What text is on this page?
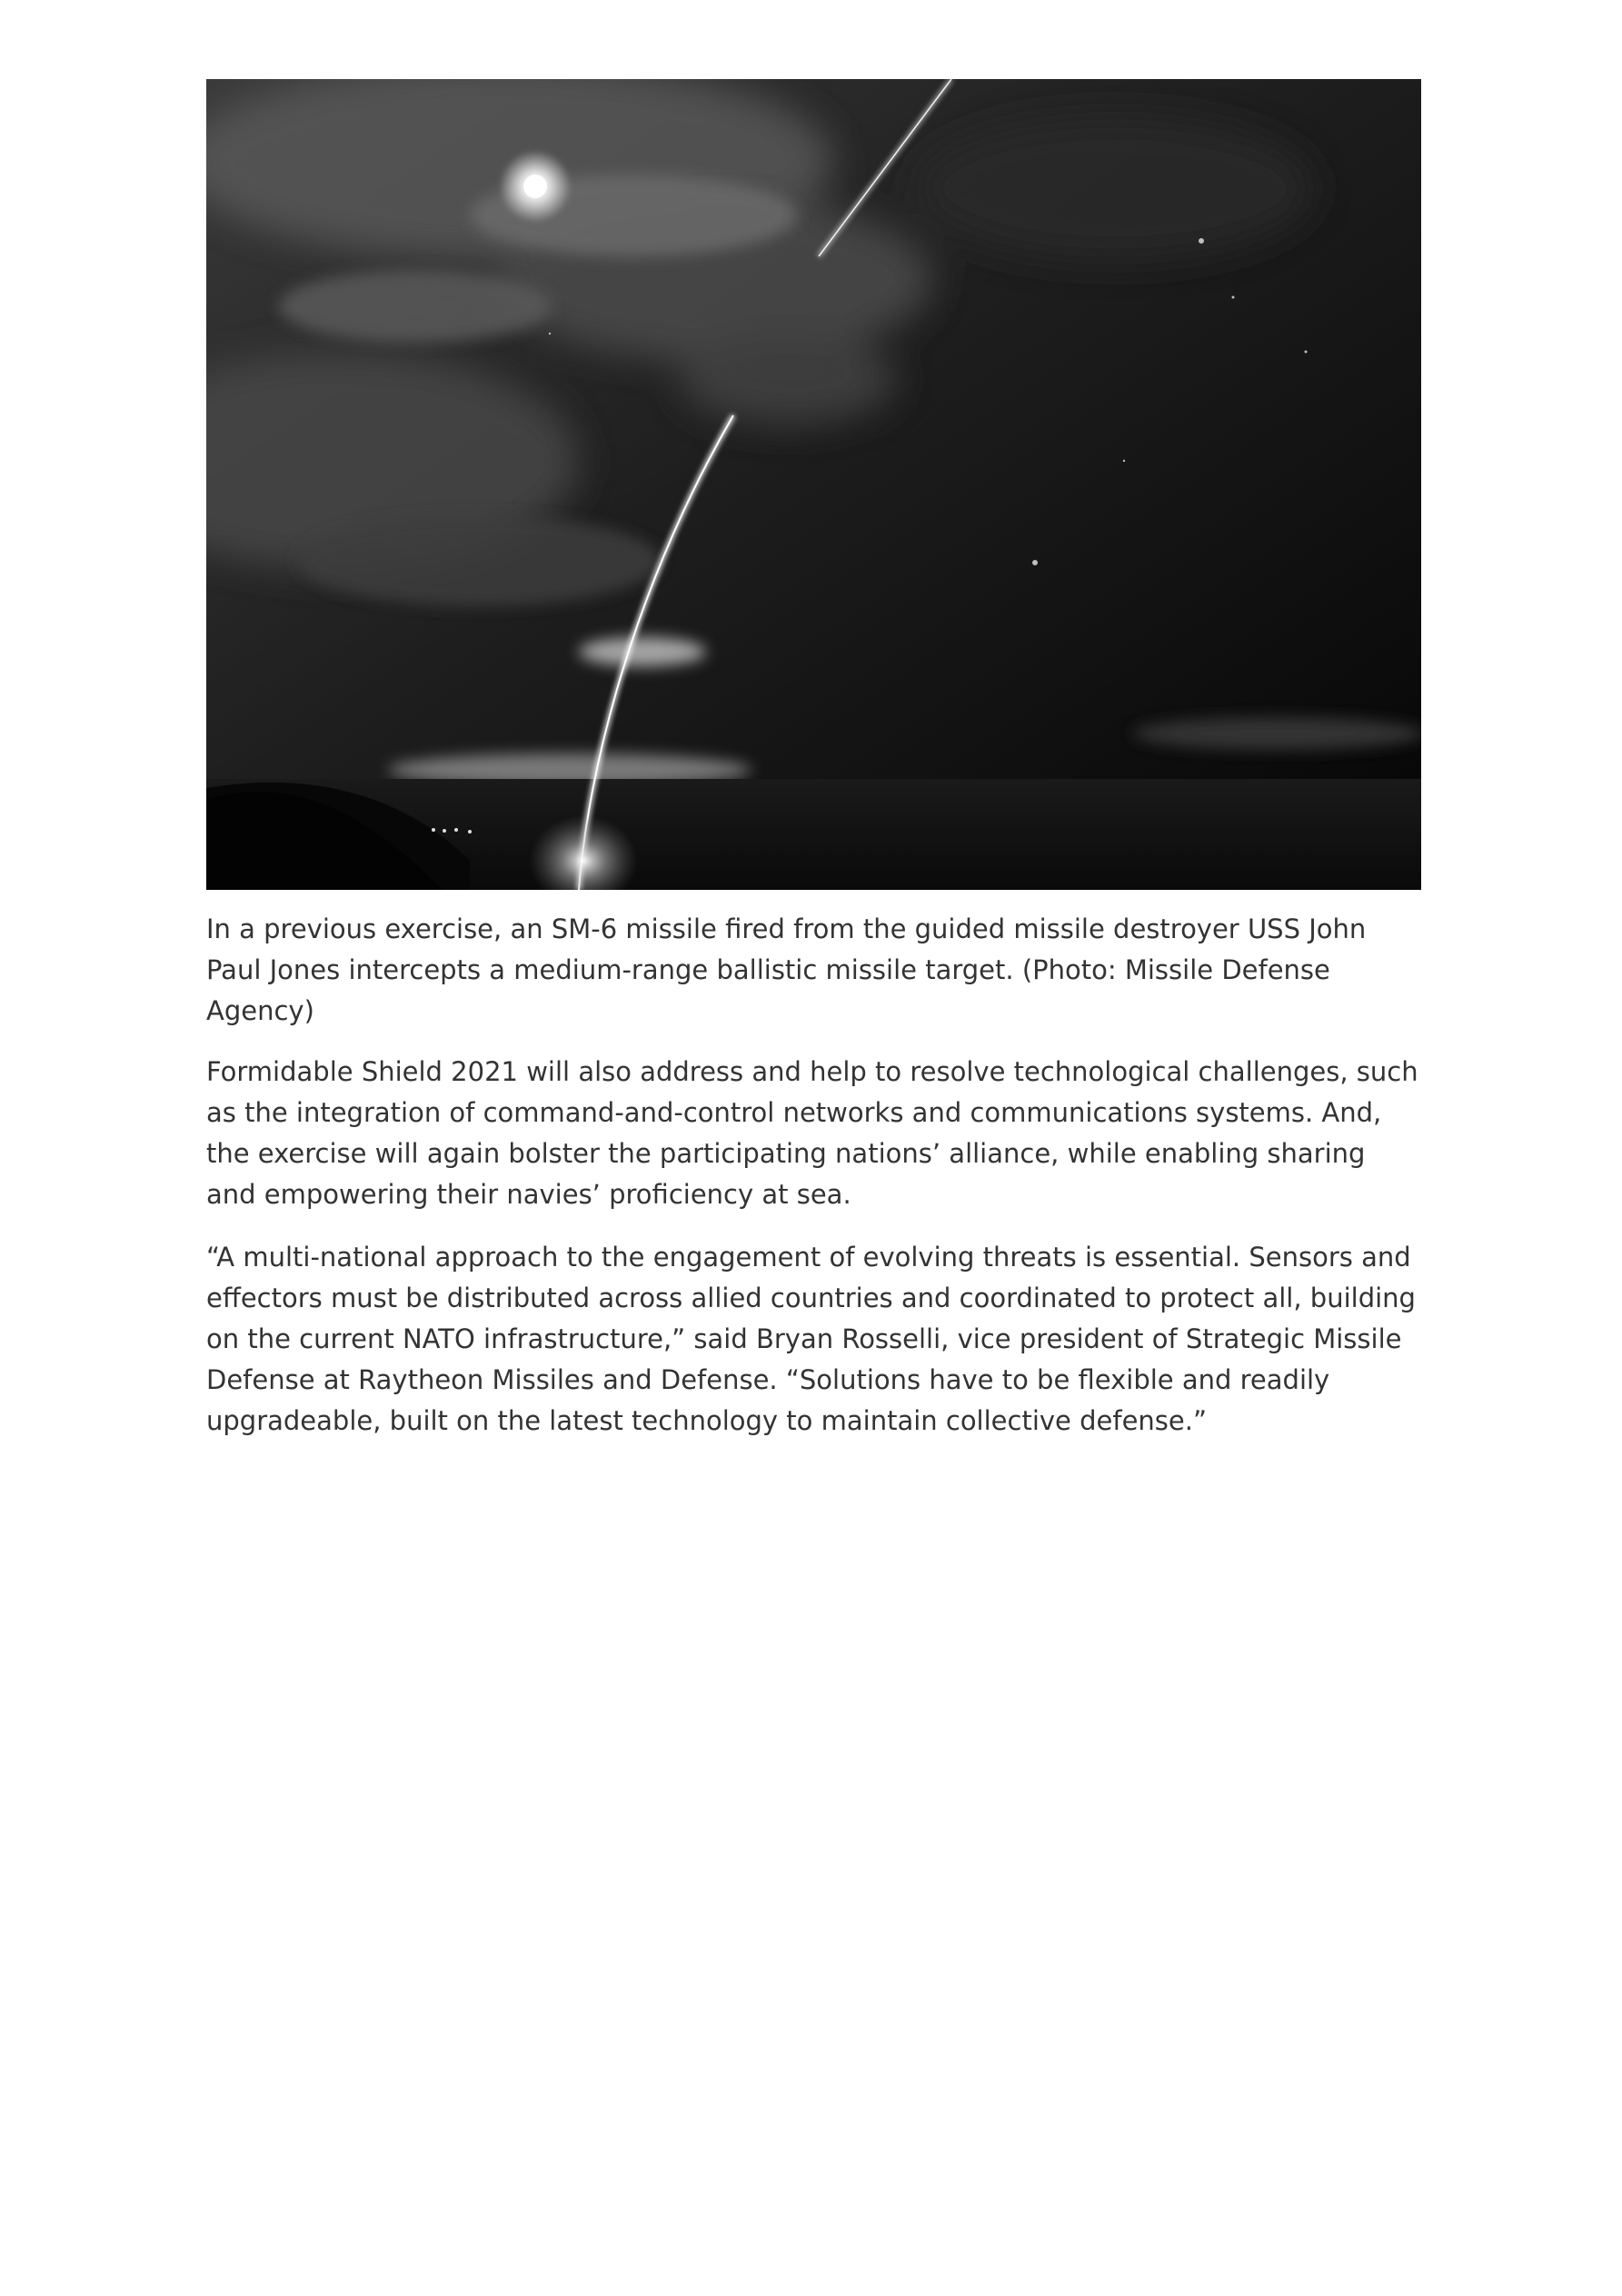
In a previous exercise, an SM-6 missile fired from the guided missile destroyer USS John Paul Jones intercepts a medium-range ballistic missile target. (Photo: Missile Defense Agency)

Formidable Shield 2021 will also address and help to resolve technological challenges, such as the integration of command-and-control networks and communications systems. And, the exercise will again bolster the participating nations’ alliance, while enabling sharing and empowering their navies’ proficiency at sea.

“A multi-national approach to the engagement of evolving threats is essential. Sensors and effectors must be distributed across allied countries and coordinated to protect all, building on the current NATO infrastructure,” said Bryan Rosselli, vice president of Strategic Missile Defense at Raytheon Missiles and Defense. “Solutions have to be flexible and readily upgradeable, built on the latest technology to maintain collective defense.”
